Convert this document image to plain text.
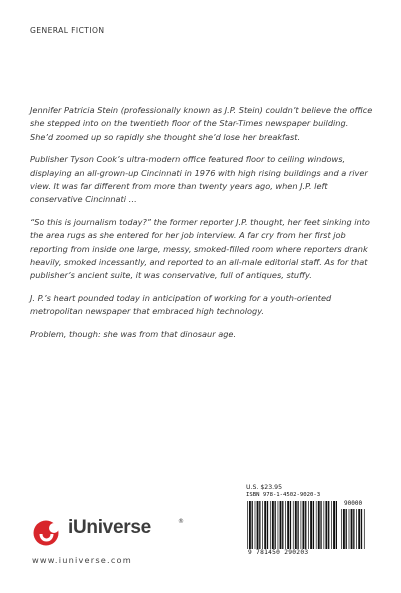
GENERAL FICTION

Jennifer Patricia Stein (professionally known as J.P. Stein) couldn’t believe the office she stepped into on the twentieth floor of the Star-Times newspaper building. She’d zoomed up so rapidly she thought she’d lose her breakfast.

Publisher Tyson Cook’s ultra-modern office featured floor to ceiling windows, displaying an all-grown-up Cincinnati in 1976 with high rising buildings and a river view. It was far different from more than twenty years ago, when J.P. left conservative Cincinnati …

“So this is journalism today?” the former reporter J.P. thought, her feet sinking into the area rugs as she entered for her job interview. A far cry from her first job reporting from inside one large, messy, smoked-filled room where reporters drank heavily, smoked incessantly, and reported to an all-male editorial staff. As for that publisher’s ancient suite, it was conservative, full of antiques, stuffy.

J. P.’s heart pounded today in anticipation of working for a youth-oriented metropolitan newspaper that embraced high technology.

Problem, though: she was from that dinosaur age.

U.S. $23.95
ISBN 978-1-4502-9020-3
90000
9 781450 290203
iUniverse	®
www.iuniverse.com
